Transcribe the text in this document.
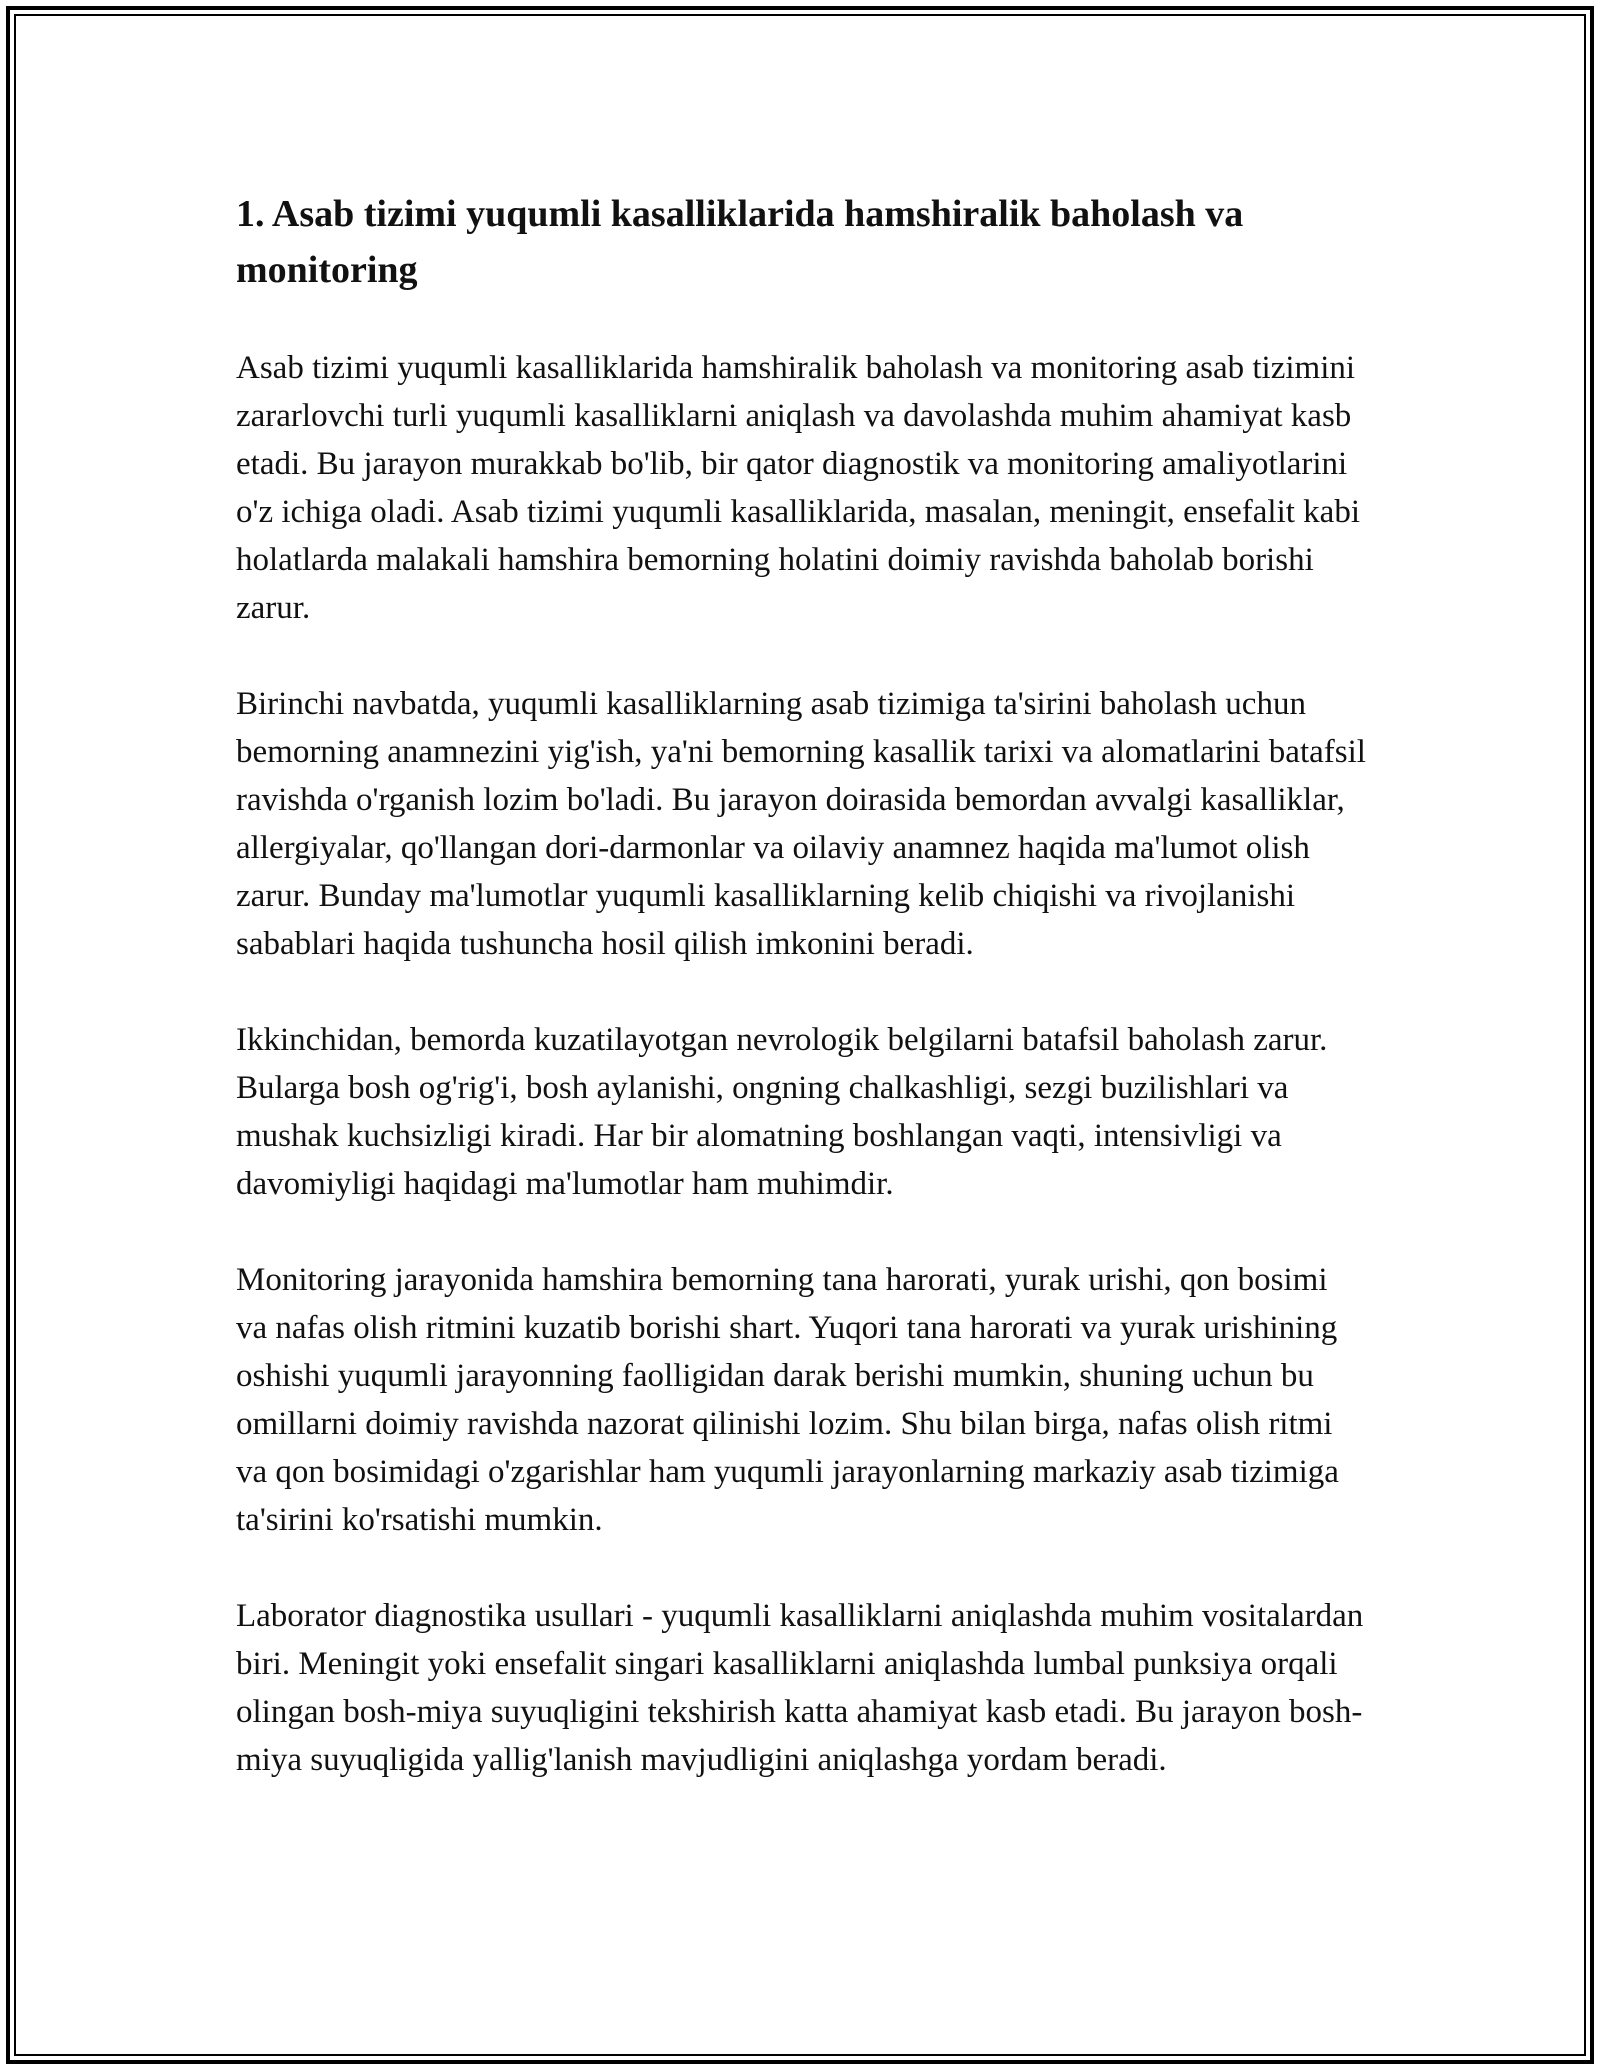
1. Asab tizimi yuqumli kasalliklarida hamshiralik baholash va monitoring

Asab tizimi yuqumli kasalliklarida hamshiralik baholash va monitoring asab tizimini zararlovchi turli yuqumli kasalliklarni aniqlash va davolashda muhim ahamiyat kasb etadi. Bu jarayon murakkab bo'lib, bir qator diagnostik va monitoring amaliyotlarini o'z ichiga oladi. Asab tizimi yuqumli kasalliklarida, masalan, meningit, ensefalit kabi holatlarda malakali hamshira bemorning holatini doimiy ravishda baholab borishi zarur.

Birinchi navbatda, yuqumli kasalliklarning asab tizimiga ta'sirini baholash uchun bemorning anamnezini yig'ish, ya'ni bemorning kasallik tarixi va alomatlarini batafsil ravishda o'rganish lozim bo'ladi. Bu jarayon doirasida bemordan avvalgi kasalliklar, allergiyalar, qo'llangan dori-darmonlar va oilaviy anamnez haqida ma'lumot olish zarur. Bunday ma'lumotlar yuqumli kasalliklarning kelib chiqishi va rivojlanishi sabablari haqida tushuncha hosil qilish imkonini beradi.

Ikkinchidan, bemorda kuzatilayotgan nevrologik belgilarni batafsil baholash zarur. Bularga bosh og'rig'i, bosh aylanishi, ongning chalkashligi, sezgi buzilishlari va mushak kuchsizligi kiradi. Har bir alomatning boshlangan vaqti, intensivligi va davomiyligi haqidagi ma'lumotlar ham muhimdir.

Monitoring jarayonida hamshira bemorning tana harorati, yurak urishi, qon bosimi va nafas olish ritmini kuzatib borishi shart. Yuqori tana harorati va yurak urishining oshishi yuqumli jarayonning faolligidan darak berishi mumkin, shuning uchun bu omillarni doimiy ravishda nazorat qilinishi lozim. Shu bilan birga, nafas olish ritmi va qon bosimidagi o'zgarishlar ham yuqumli jarayonlarning markaziy asab tizimiga ta'sirini ko'rsatishi mumkin.

Laborator diagnostika usullari - yuqumli kasalliklarni aniqlashda muhim vositalardan biri. Meningit yoki ensefalit singari kasalliklarni aniqlashda lumbal punksiya orqali olingan bosh-miya suyuqligini tekshirish katta ahamiyat kasb etadi. Bu jarayon bosh-miya suyuqligida yallig'lanish mavjudligini aniqlashga yordam beradi.
